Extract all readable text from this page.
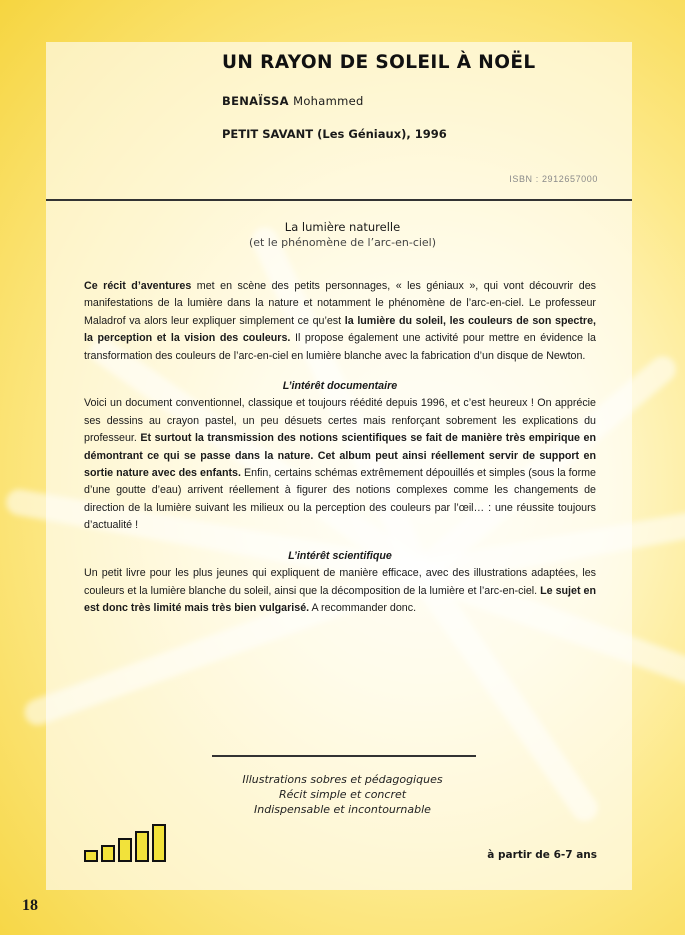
UN RAYON DE SOLEIL À NOËL
BENAÏSSA Mohammed
PETIT SAVANT (Les Géniaux), 1996
ISBN : 2912657000
La lumière naturelle
(et le phénomène de l’arc-en-ciel)

Ce récit d’aventures met en scène des petits personnages, « les géniaux », qui vont découvrir des manifestations de la lumière dans la nature et notamment le phénomène de l’arc-en-ciel. Le professeur Maladrof va alors leur expliquer simplement ce qu’est la lumière du soleil, les couleurs de son spectre, la perception et la vision des couleurs. Il propose également une activité pour mettre en évidence la transformation des couleurs de l’arc-en-ciel en lumière blanche avec la fabrication d’un disque de Newton.

L’intérêt documentaire

Voici un document conventionnel, classique et toujours réédité depuis 1996, et c’est heureux ! On apprécie ses dessins au crayon pastel, un peu désuets certes mais renforçant sobrement les explications du professeur. Et surtout la transmission des notions scientifiques se fait de manière très empirique en démontrant ce qui se passe dans la nature. Cet album peut ainsi réellement servir de support en sortie nature avec des enfants. Enfin, certains schémas extrêmement dépouillés et simples (sous la forme d’une goutte d’eau) arrivent réellement à figurer des notions complexes comme les changements de direction de la lumière suivant les milieux ou la perception des couleurs par l’œil… : une réussite toujours d’actualité !

L’intérêt scientifique

Un petit livre pour les plus jeunes qui expliquent de manière efficace, avec des illustrations adaptées, les couleurs et la lumière blanche du soleil, ainsi que la décomposition de la lumière et l’arc-en-ciel. Le sujet en est donc très limité mais très bien vulgarisé. A recommander donc.

Illustrations sobres et pédagogiques
Récit simple et concret
Indispensable et incontournable
à partir de 6-7 ans
18
